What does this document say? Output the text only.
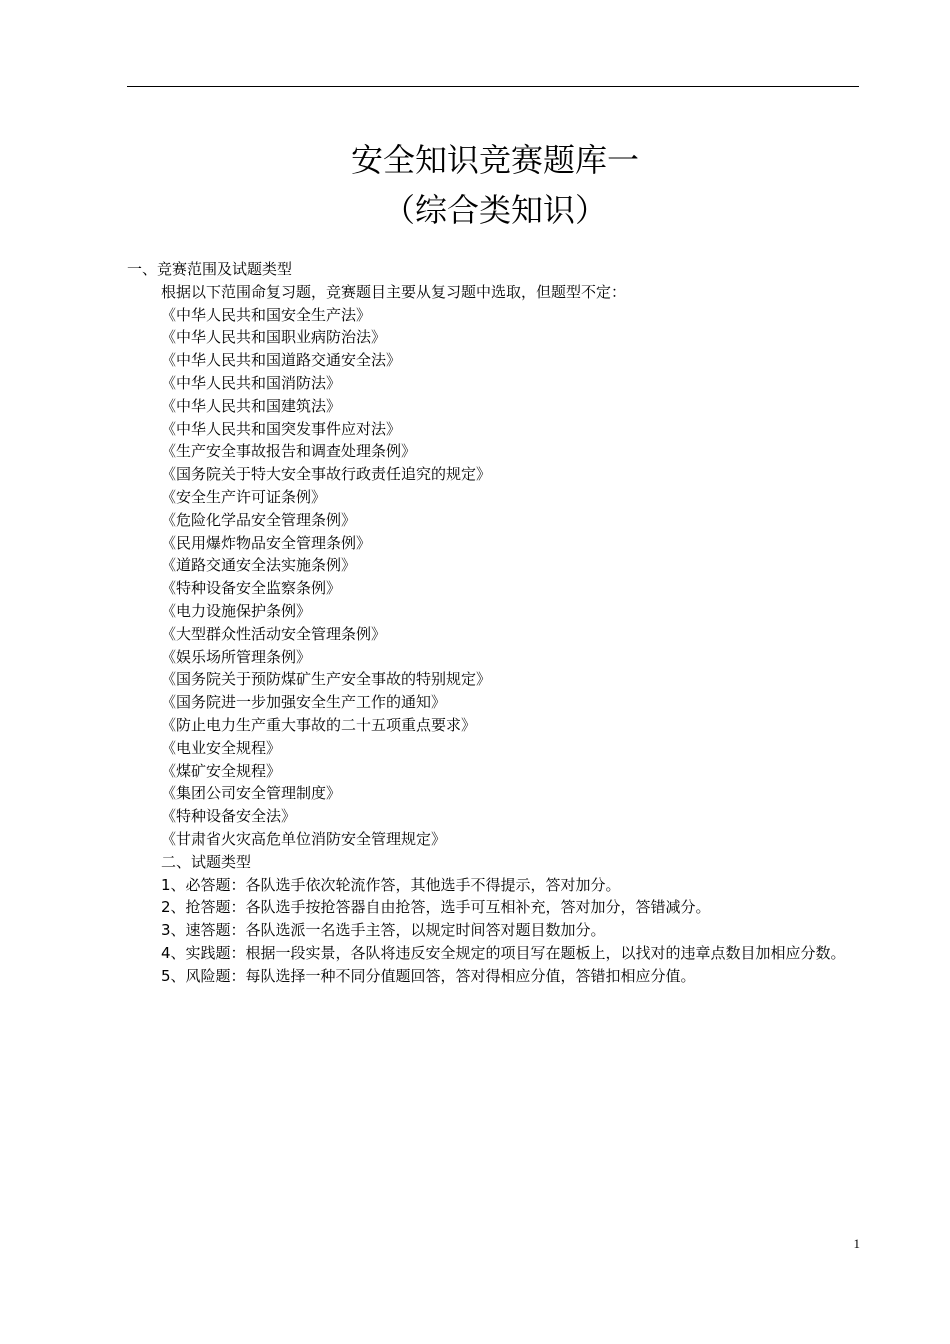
安全知识竞赛题库一
（综合类知识）
一、竞赛范围及试题类型
根据以下范围命复习题，竞赛题目主要从复习题中选取，但题型不定：
《中华人民共和国安全生产法》
《中华人民共和国职业病防治法》
《中华人民共和国道路交通安全法》
《中华人民共和国消防法》
《中华人民共和国建筑法》
《中华人民共和国突发事件应对法》
《生产安全事故报告和调查处理条例》
《国务院关于特大安全事故行政责任追究的规定》
《安全生产许可证条例》
《危险化学品安全管理条例》
《民用爆炸物品安全管理条例》
《道路交通安全法实施条例》
《特种设备安全监察条例》
《电力设施保护条例》
《大型群众性活动安全管理条例》
《娱乐场所管理条例》
《国务院关于预防煤矿生产安全事故的特别规定》
《国务院进一步加强安全生产工作的通知》
《防止电力生产重大事故的二十五项重点要求》
《电业安全规程》
《煤矿安全规程》
《集团公司安全管理制度》
《特种设备安全法》
《甘肃省火灾高危单位消防安全管理规定》
二、试题类型
1、必答题：各队选手依次轮流作答，其他选手不得提示，答对加分。
2、抢答题：各队选手按抢答器自由抢答，选手可互相补充，答对加分，答错减分。
3、速答题：各队选派一名选手主答，以规定时间答对题目数加分。
4、实践题：根据一段实景，各队将违反安全规定的项目写在题板上，以找对的违章点数目加相应分数。
5、风险题：每队选择一种不同分值题回答，答对得相应分值，答错扣相应分值。
1
